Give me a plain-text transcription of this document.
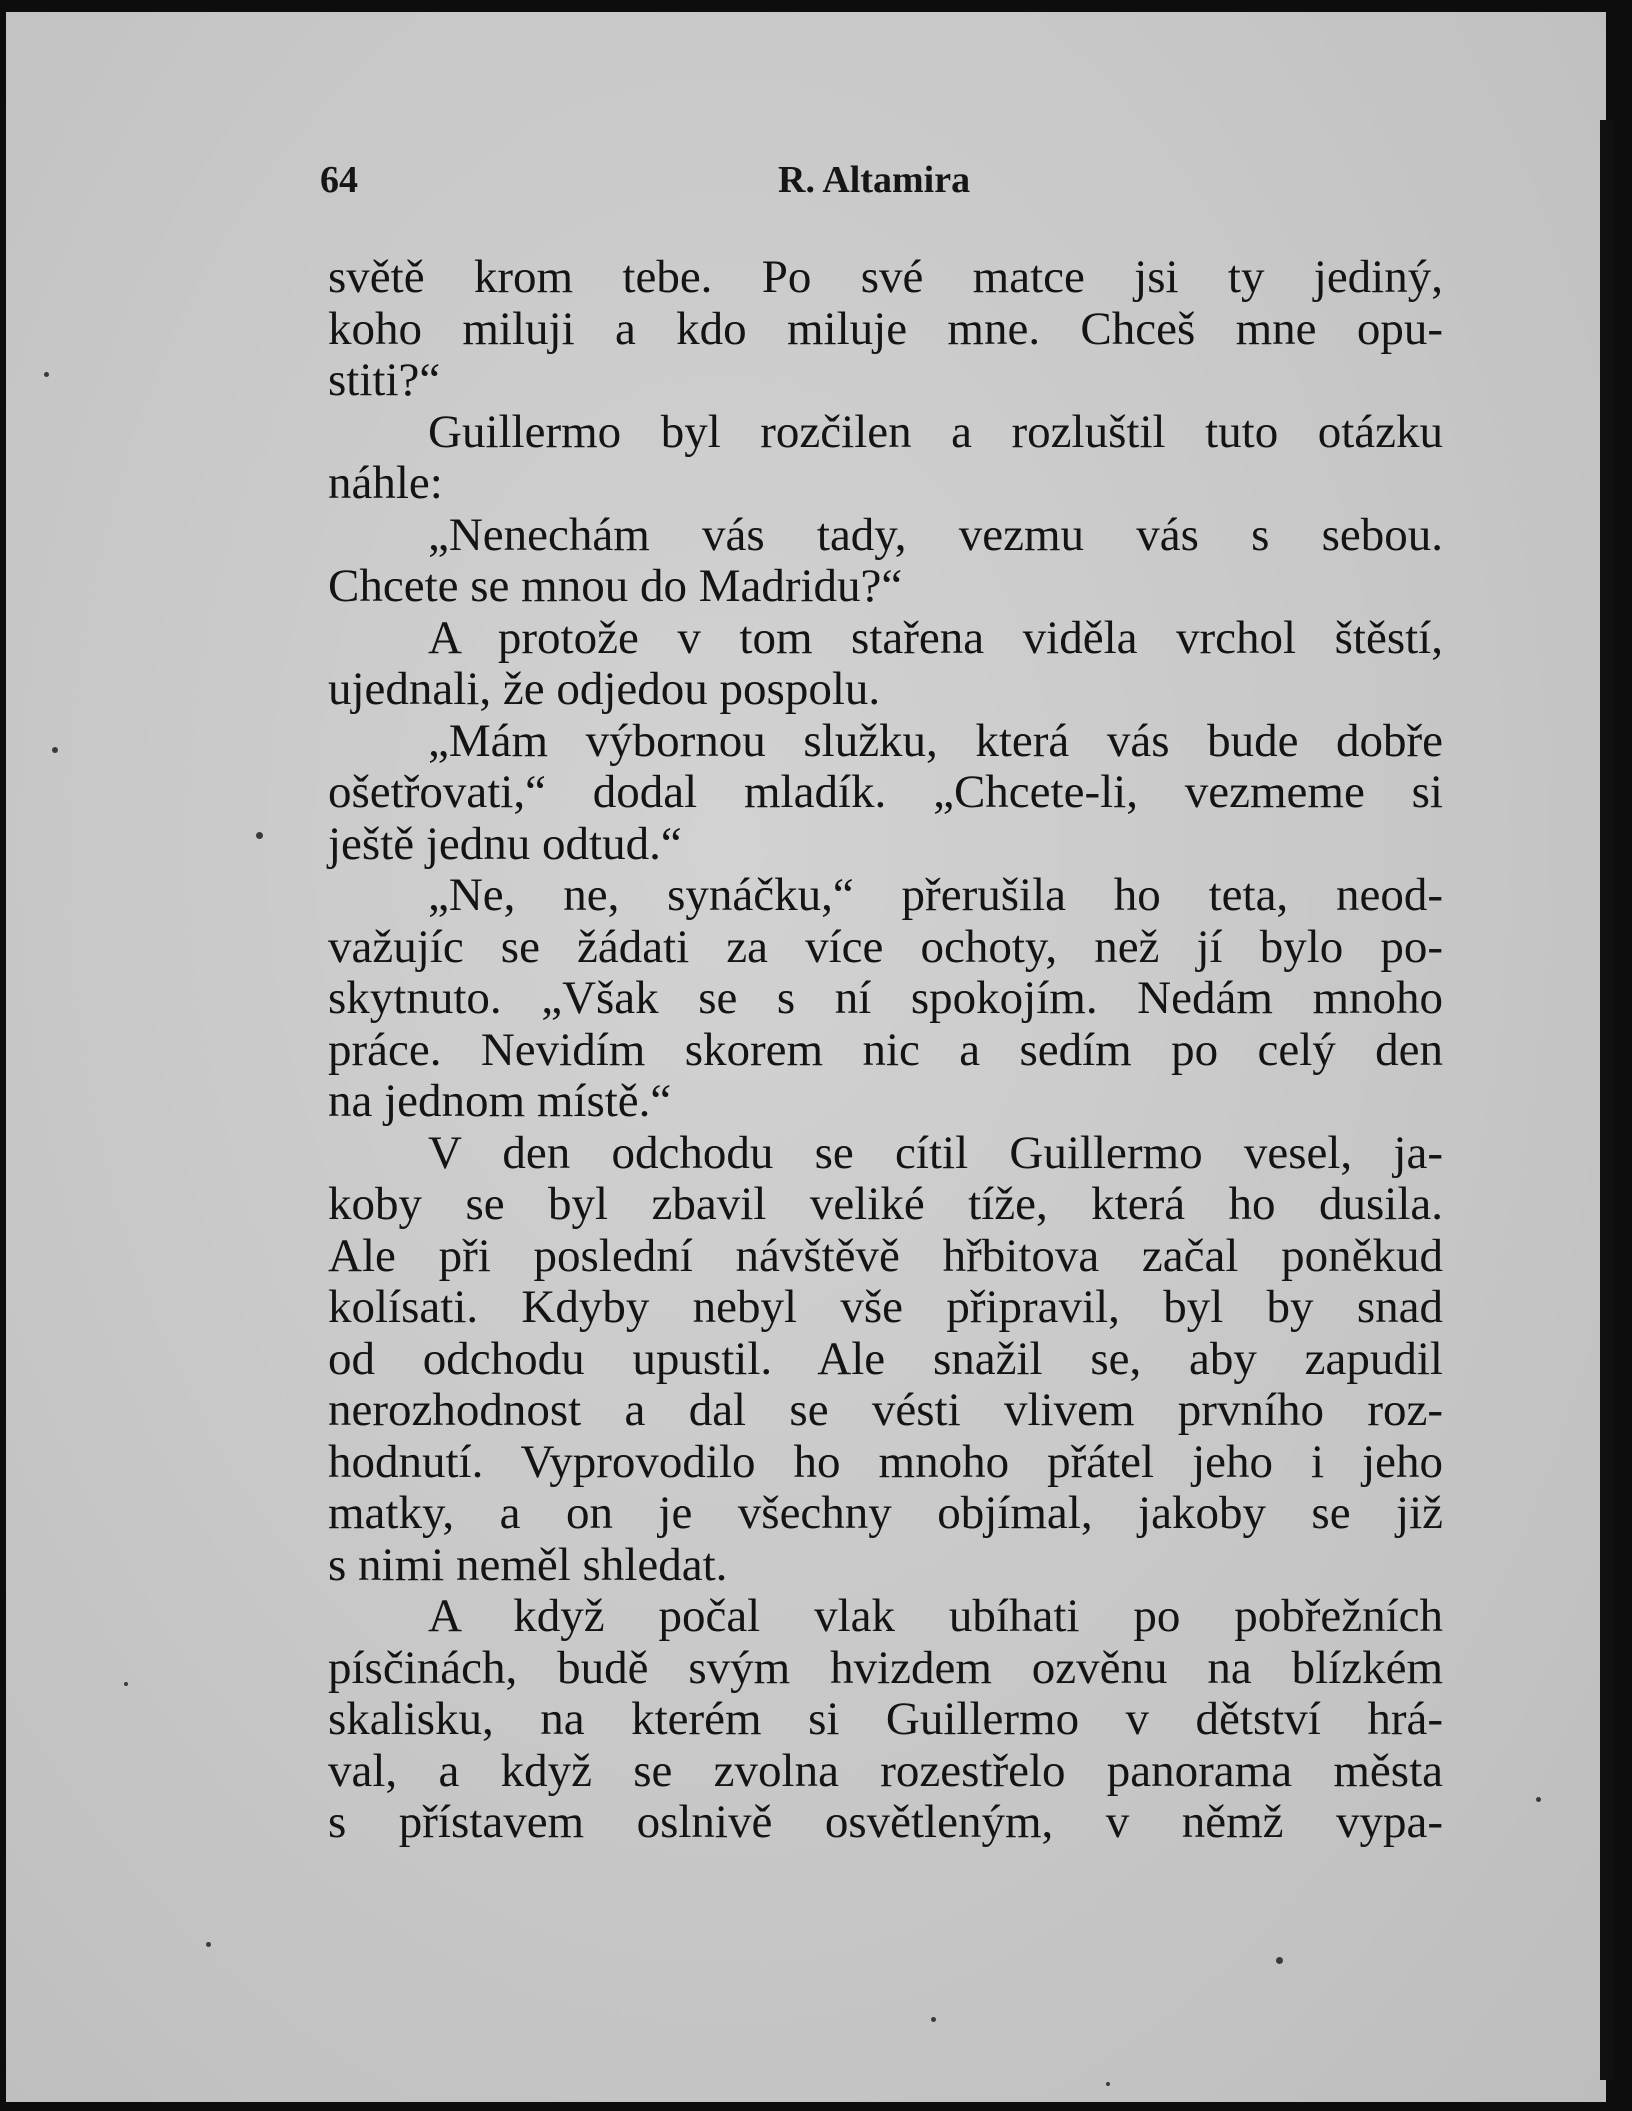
64	R. Altamira
světě krom tebe. Po své matce jsi ty jediný,
koho miluji a kdo miluje mne. Chceš mne opu-
stiti?“
Guillermo byl rozčilen a rozluštil tuto otázku
náhle:
„Nenechám vás tady, vezmu vás s sebou.
Chcete se mnou do Madridu?“
A protože v tom stařena viděla vrchol štěstí,
ujednali, že odjedou pospolu.
„Mám výbornou služku, která vás bude dobře
ošetřovati,“ dodal mladík. „Chcete-li, vezmeme si
ještě jednu odtud.“
„Ne, ne, synáčku,“ přerušila ho teta, neod-
važujíc se žádati za více ochoty, než jí bylo po-
skytnuto. „Však se s ní spokojím. Nedám mnoho
práce. Nevidím skorem nic a sedím po celý den
na jednom místě.“
V den odchodu se cítil Guillermo vesel, ja-
koby se byl zbavil veliké tíže, která ho dusila.
Ale při poslední návštěvě hřbitova začal poněkud
kolísati. Kdyby nebyl vše připravil, byl by snad
od odchodu upustil. Ale snažil se, aby zapudil
nerozhodnost a dal se vésti vlivem prvního roz-
hodnutí. Vyprovodilo ho mnoho přátel jeho i jeho
matky, a on je všechny objímal, jakoby se již
s nimi neměl shledat.
A když počal vlak ubíhati po pobřežních
písčinách, budě svým hvizdem ozvěnu na blízkém
skalisku, na kterém si Guillermo v dětství hrá-
val, a když se zvolna rozestřelo panorama města
s přístavem oslnivě osvětleným, v němž vypa-
